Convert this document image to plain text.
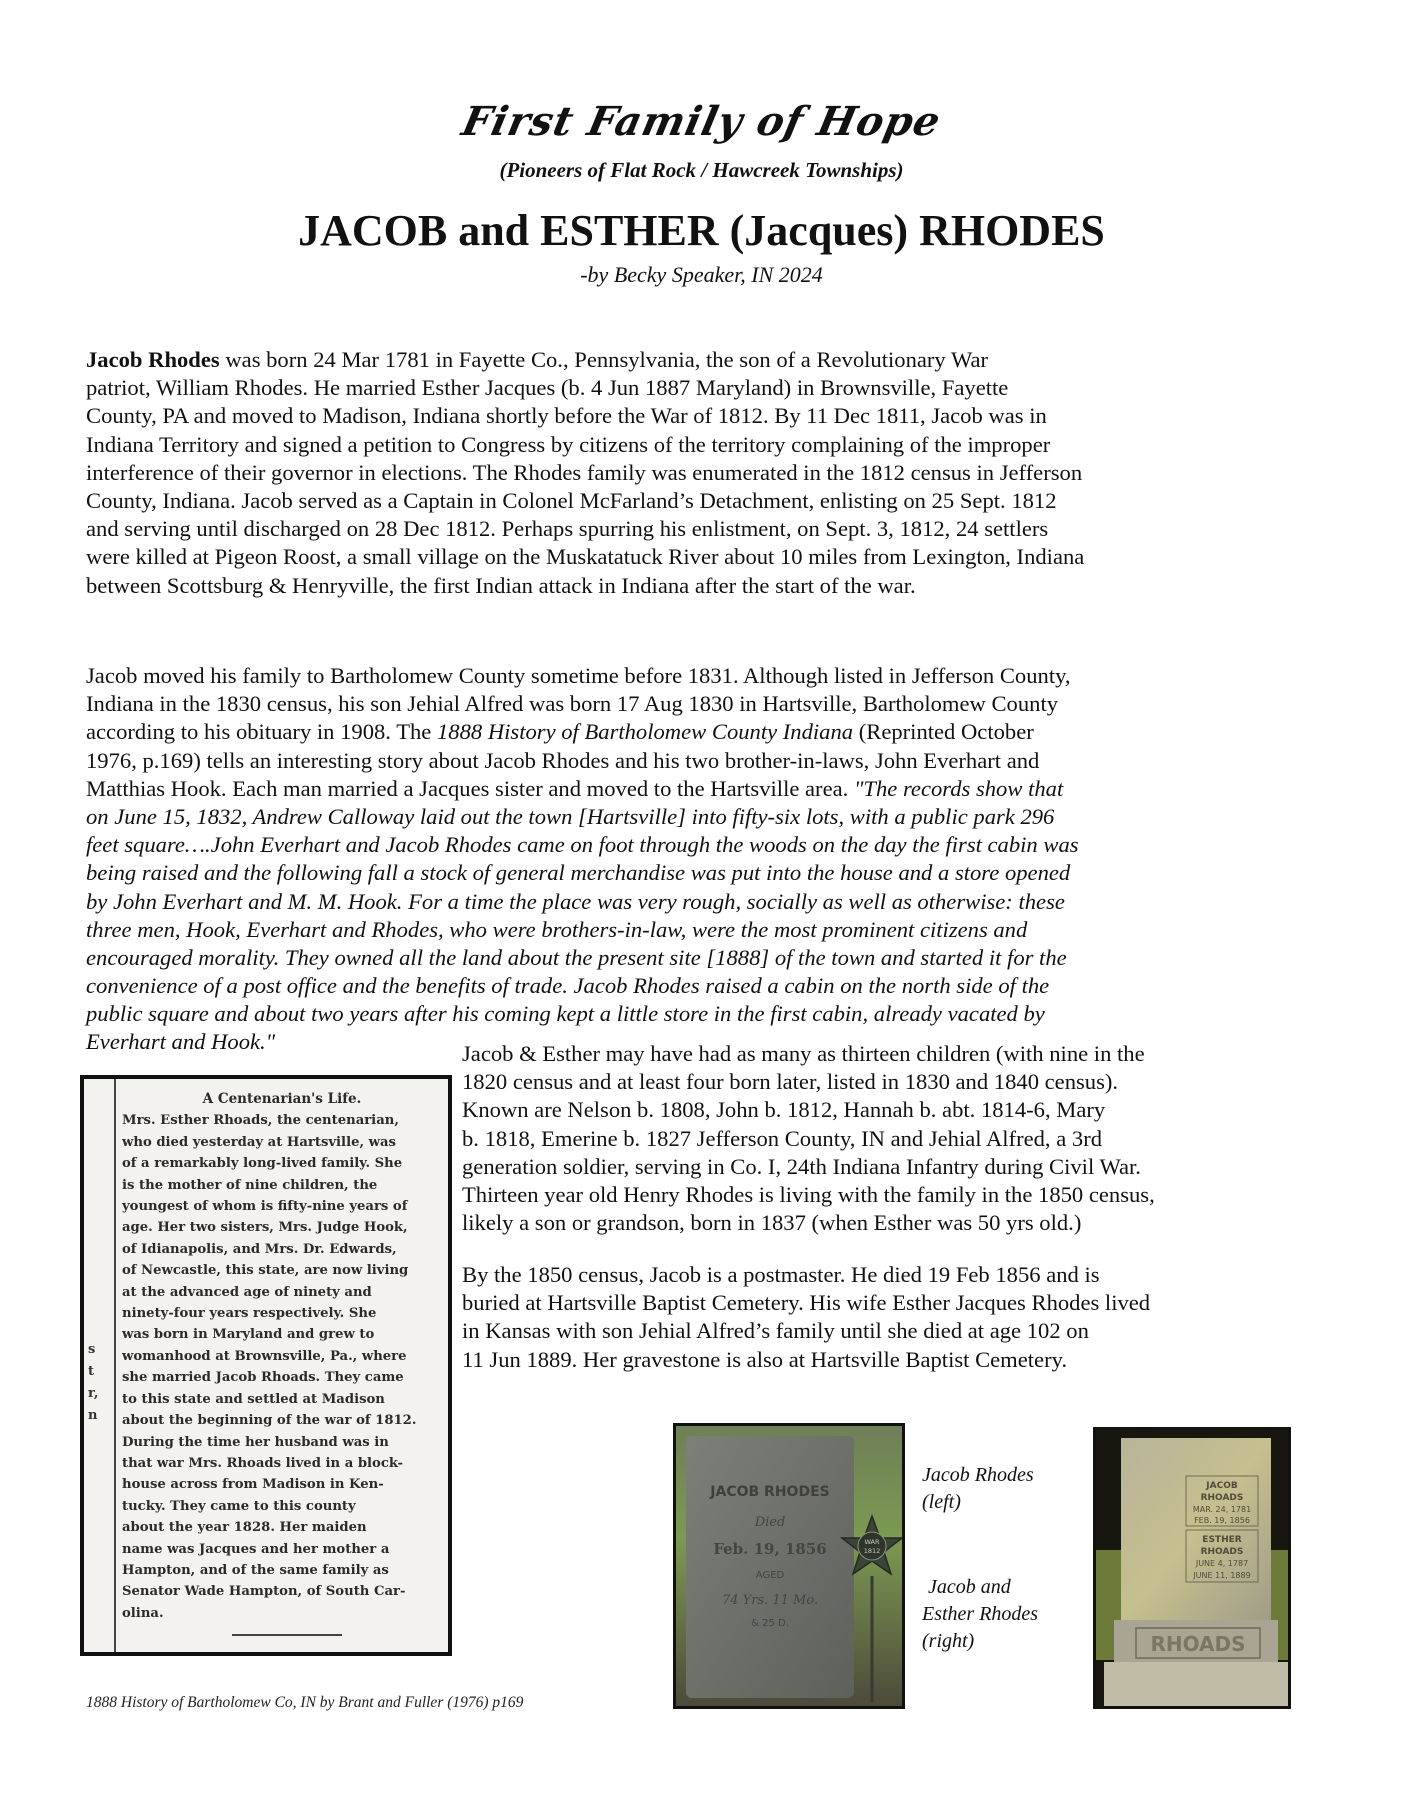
First Family of Hope
(Pioneers of Flat Rock / Hawcreek Townships)
JACOB and ESTHER (Jacques) RHODES
-by Becky Speaker, IN 2024
Jacob Rhodes was born 24 Mar 1781 in Fayette Co., Pennsylvania, the son of a Revolutionary War
patriot, William Rhodes. He married Esther Jacques (b. 4 Jun 1887 Maryland) in Brownsville, Fayette
County, PA and moved to Madison, Indiana shortly before the War of 1812. By 11 Dec 1811, Jacob was in
Indiana Territory and signed a petition to Congress by citizens of the territory complaining of the improper
interference of their governor in elections. The Rhodes family was enumerated in the 1812 census in Jefferson
County, Indiana. Jacob served as a Captain in Colonel McFarland’s Detachment, enlisting on 25 Sept. 1812
and serving until discharged on 28 Dec 1812. Perhaps spurring his enlistment, on Sept. 3, 1812, 24 settlers
were killed at Pigeon Roost, a small village on the Muskatatuck River about 10 miles from Lexington, Indiana
between Scottsburg & Henryville, the first Indian attack in Indiana after the start of the war.
Jacob moved his family to Bartholomew County sometime before 1831. Although listed in Jefferson County,
Indiana in the 1830 census, his son Jehial Alfred was born 17 Aug 1830 in Hartsville, Bartholomew County
according to his obituary in 1908. The 1888 History of Bartholomew County Indiana (Reprinted October
1976, p.169) tells an interesting story about Jacob Rhodes and his two brother-in-laws, John Everhart and
Matthias Hook. Each man married a Jacques sister and moved to the Hartsville area. "The records show that
on June 15, 1832, Andrew Calloway laid out the town [Hartsville] into fifty-six lots, with a public park 296
feet square….John Everhart and Jacob Rhodes came on foot through the woods on the day the first cabin was
being raised and the following fall a stock of general merchandise was put into the house and a store opened
by John Everhart and M. M. Hook. For a time the place was very rough, socially as well as otherwise: these
three men, Hook, Everhart and Rhodes, who were brothers-in-law, were the most prominent citizens and
encouraged morality. They owned all the land about the present site [1888] of the town and started it for the
convenience of a post office and the benefits of trade. Jacob Rhodes raised a cabin on the north side of the
public square and about two years after his coming kept a little store in the first cabin, already vacated by
Everhart and Hook."
s
t
r,
n
A Centenarian's Life.
Mrs. Esther Rhoads, the centenarian,
who died yesterday at Hartsville, was
of a remarkably long-lived family. She
is the mother of nine children, the
youngest of whom is fifty-nine years of
age. Her two sisters, Mrs. Judge Hook,
of Idianapolis, and Mrs. Dr. Edwards,
of Newcastle, this state, are now living
at the advanced age of ninety and
ninety-four years respectively. She
was born in Maryland and grew to
womanhood at Brownsville, Pa., where
she married Jacob Rhoads. They came
to this state and settled at Madison
about the beginning of the war of 1812.
During the time her husband was in
that war Mrs. Rhoads lived in a block-
house across from Madison in Ken-
tucky. They came to this county
about the year 1828. Her maiden
name was Jacques and her mother a
Hampton, and of the same family as
Senator Wade Hampton, of South Car-
olina.
1888 History of Bartholomew Co, IN by Brant and Fuller (1976) p169
Jacob & Esther may have had as many as thirteen children (with nine in the
1820 census and at least four born later, listed in 1830 and 1840 census).
Known are Nelson b. 1808, John b. 1812, Hannah b. abt. 1814-6, Mary
b. 1818, Emerine b. 1827 Jefferson County, IN and Jehial Alfred, a 3rd
generation soldier, serving in Co. I, 24th Indiana Infantry during Civil War.
Thirteen year old Henry Rhodes is living with the family in the 1850 census,
likely a son or grandson, born in 1837 (when Esther was 50 yrs old.)
By the 1850 census, Jacob is a postmaster. He died 19 Feb 1856 and is
buried at Hartsville Baptist Cemetery. His wife Esther Jacques Rhodes lived
in Kansas with son Jehial Alfred’s family until she died at age 102 on
11 Jun 1889. Her gravestone is also at Hartsville Baptist Cemetery.
JACOB RHODES
Died
Feb. 19, 1856
AGED
74 Yrs. 11 Mo.
& 25 D.
WAR
1812
Jacob Rhodes
(left)
Jacob and
Esther Rhodes
(right)
JACOB
RHOADS
MAR. 24, 1781
FEB. 19, 1856
ESTHER
RHOADS
JUNE 4, 1787
JUNE 11, 1889
RHOADS
